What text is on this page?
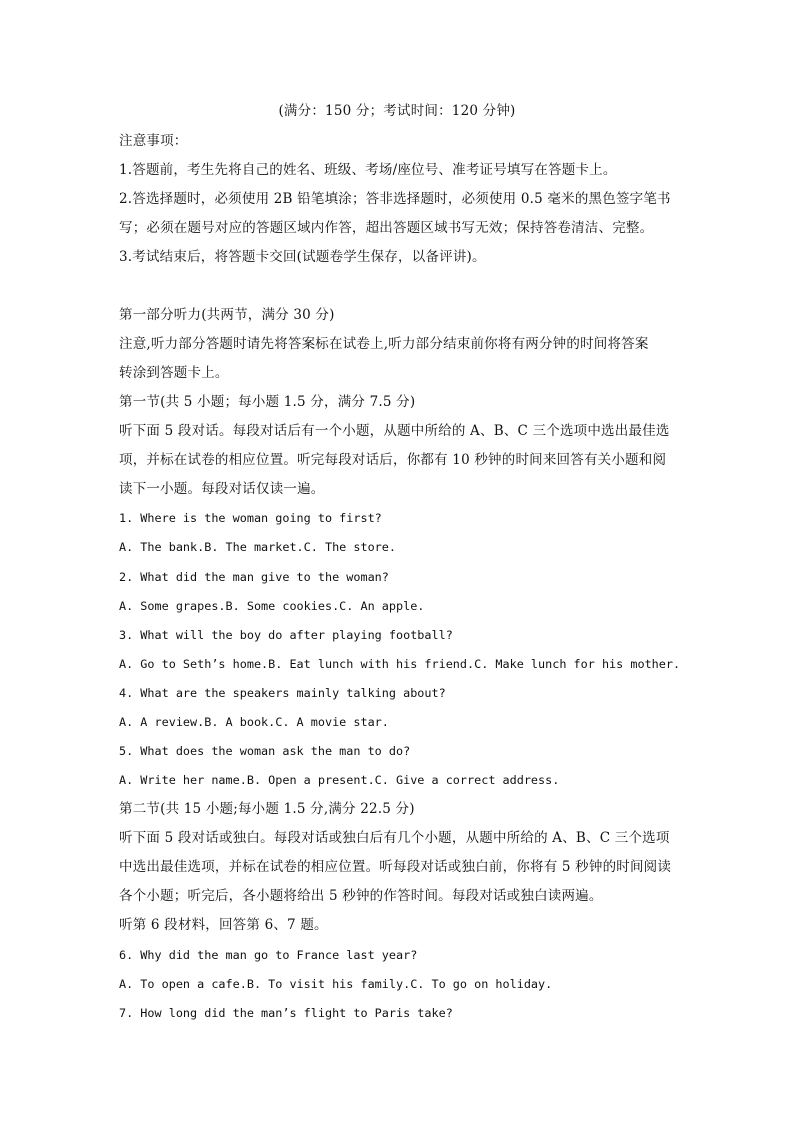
(满分：150 分；考试时间：120 分钟)
注意事项：
1.答题前，考生先将自己的姓名、班级、考场/座位号、准考证号填写在答题卡上。
2.答选择题时，必须使用 2B 铅笔填涂；答非选择题时，必须使用 0.5 毫米的黑色签字笔书
写；必须在题号对应的答题区域内作答，超出答题区域书写无效；保持答卷清洁、完整。
3.考试结束后，将答题卡交回(试题卷学生保存，以备评讲)。
第一部分听力(共两节，满分 30 分)
注意,听力部分答题时请先将答案标在试卷上,听力部分结束前你将有两分钟的时间将答案
转涂到答题卡上。
第一节(共 5 小题；每小题 1.5 分，满分 7.5 分)
听下面 5 段对话。每段对话后有一个小题，从题中所给的 A、B、C 三个选项中选出最佳选
项，并标在试卷的相应位置。听完每段对话后，你都有 10 秒钟的时间来回答有关小题和阅
读下一小题。每段对话仅读一遍。
1. Where is the woman going to first?
A. The bank.B. The market.C. The store.
2. What did the man give to the woman?
A. Some grapes.B. Some cookies.C. An apple.
3. What will the boy do after playing football?
A. Go to Seth’s home.B. Eat lunch with his friend.C. Make lunch for his mother.
4. What are the speakers mainly talking about?
A. A review.B. A book.C. A movie star.
5. What does the woman ask the man to do?
A. Write her name.B. Open a present.C. Give a correct address.
第二节(共 15 小题;每小题 1.5 分,满分 22.5 分)
听下面 5 段对话或独白。每段对话或独白后有几个小题，从题中所给的 A、B、C 三个选项
中选出最佳选项，并标在试卷的相应位置。听每段对话或独白前，你将有 5 秒钟的时间阅读
各个小题；听完后，各小题将给出 5 秒钟的作答时间。每段对话或独白读两遍。
听第 6 段材料，回答第 6、7 题。
6. Why did the man go to France last year?
A. To open a cafe.B. To visit his family.C. To go on holiday.
7. How long did the man’s flight to Paris take?
